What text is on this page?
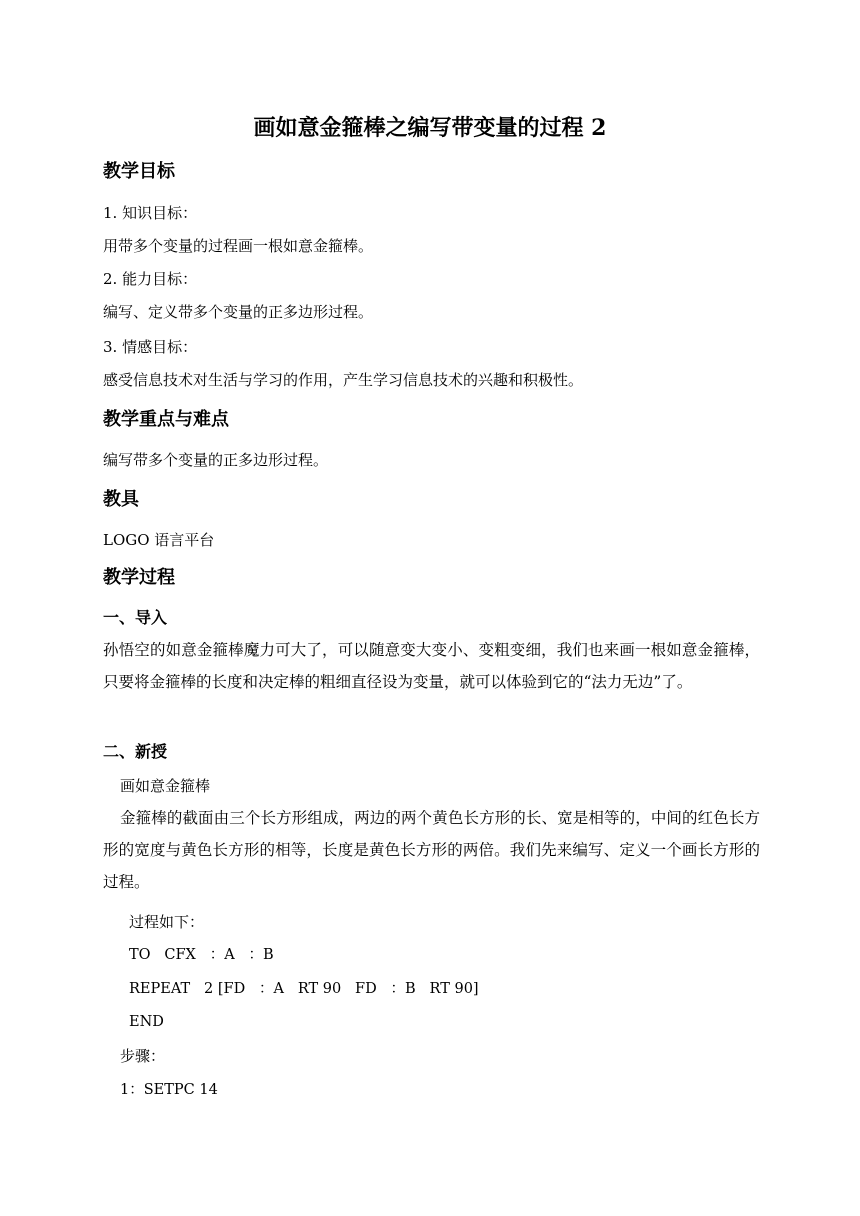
画如意金箍棒之编写带变量的过程 2
教学目标

1. 知识目标：

用带多个变量的过程画一根如意金箍棒。

2. 能力目标：

编写、定义带多个变量的正多边形过程。

3. 情感目标：

感受信息技术对生活与学习的作用，产生学习信息技术的兴趣和积极性。

教学重点与难点

编写带多个变量的正多边形过程。

教具

LOGO 语言平台

教学过程
一、导入

孙悟空的如意金箍棒魔力可大了，可以随意变大变小、变粗变细，我们也来画一根如意金箍棒，只要将金箍棒的长度和决定棒的粗细直径设为变量，就可以体验到它的“法力无边”了。

二、新授

画如意金箍棒

金箍棒的截面由三个长方形组成，两边的两个黄色长方形的长、宽是相等的，中间的红色长方形的宽度与黄色长方形的相等，长度是黄色长方形的两倍。我们先来编写、定义一个画长方形的过程。

过程如下：

TO   CFX   ：A   ：B

REPEAT   2 [FD   ：A   RT 90   FD   ：B   RT 90]

END

步骤：

1：SETPC 14
